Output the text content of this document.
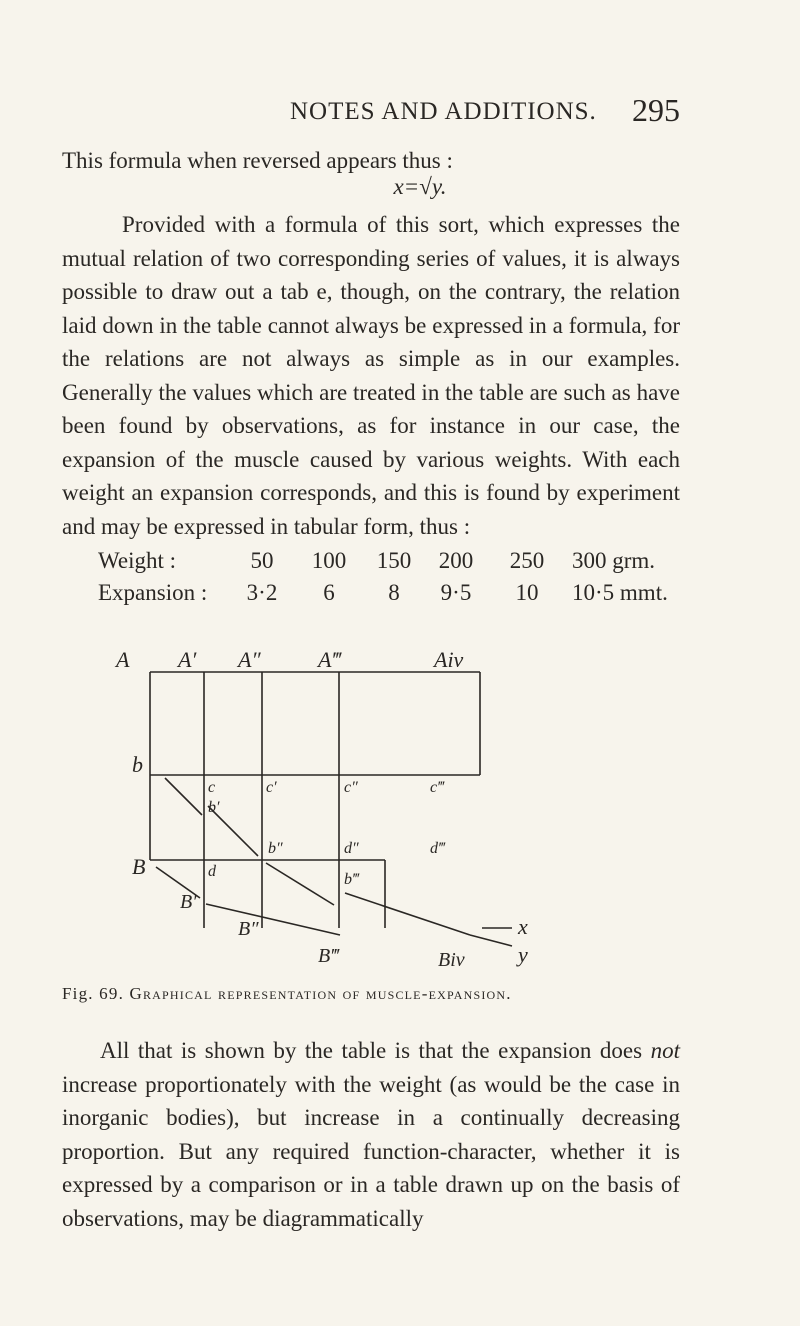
NOTES AND ADDITIONS. 295
This formula when reversed appears thus :
x=√y.
Provided with a formula of this sort, which expresses the mutual relation of two corresponding series of values, it is always possible to draw out a tab e, though, on the contrary, the relation laid down in the table cannot always be expressed in a formula, for the relations are not always as simple as in our examples. Generally the values which are treated in the table are such as have been found by observations, as for instance in our case, the expansion of the muscle caused by various weights. With each weight an expansion corresponds, and this is found by experiment and may be expressed in tabular form, thus :
Weight :	50	100	150	200	250	300 grm.
Expansion :	3·2	6	8	9·5	10	10·5 mmt.
A A′ A″	A‴	Aiv
b
B
c
b′
c′
b″
c″
d″
c‴
d‴
d	b‴
B′
B″
B‴	Biv
x
y
Fig. 69. Graphical representation of muscle-expansion.
All that is shown by the table is that the expansion does not increase proportionately with the weight (as would be the case in inorganic bodies), but increase in a continually decreasing proportion. But any required function-character, whether it is expressed by a comparison or in a table drawn up on the basis of observations, may be diagrammatically
